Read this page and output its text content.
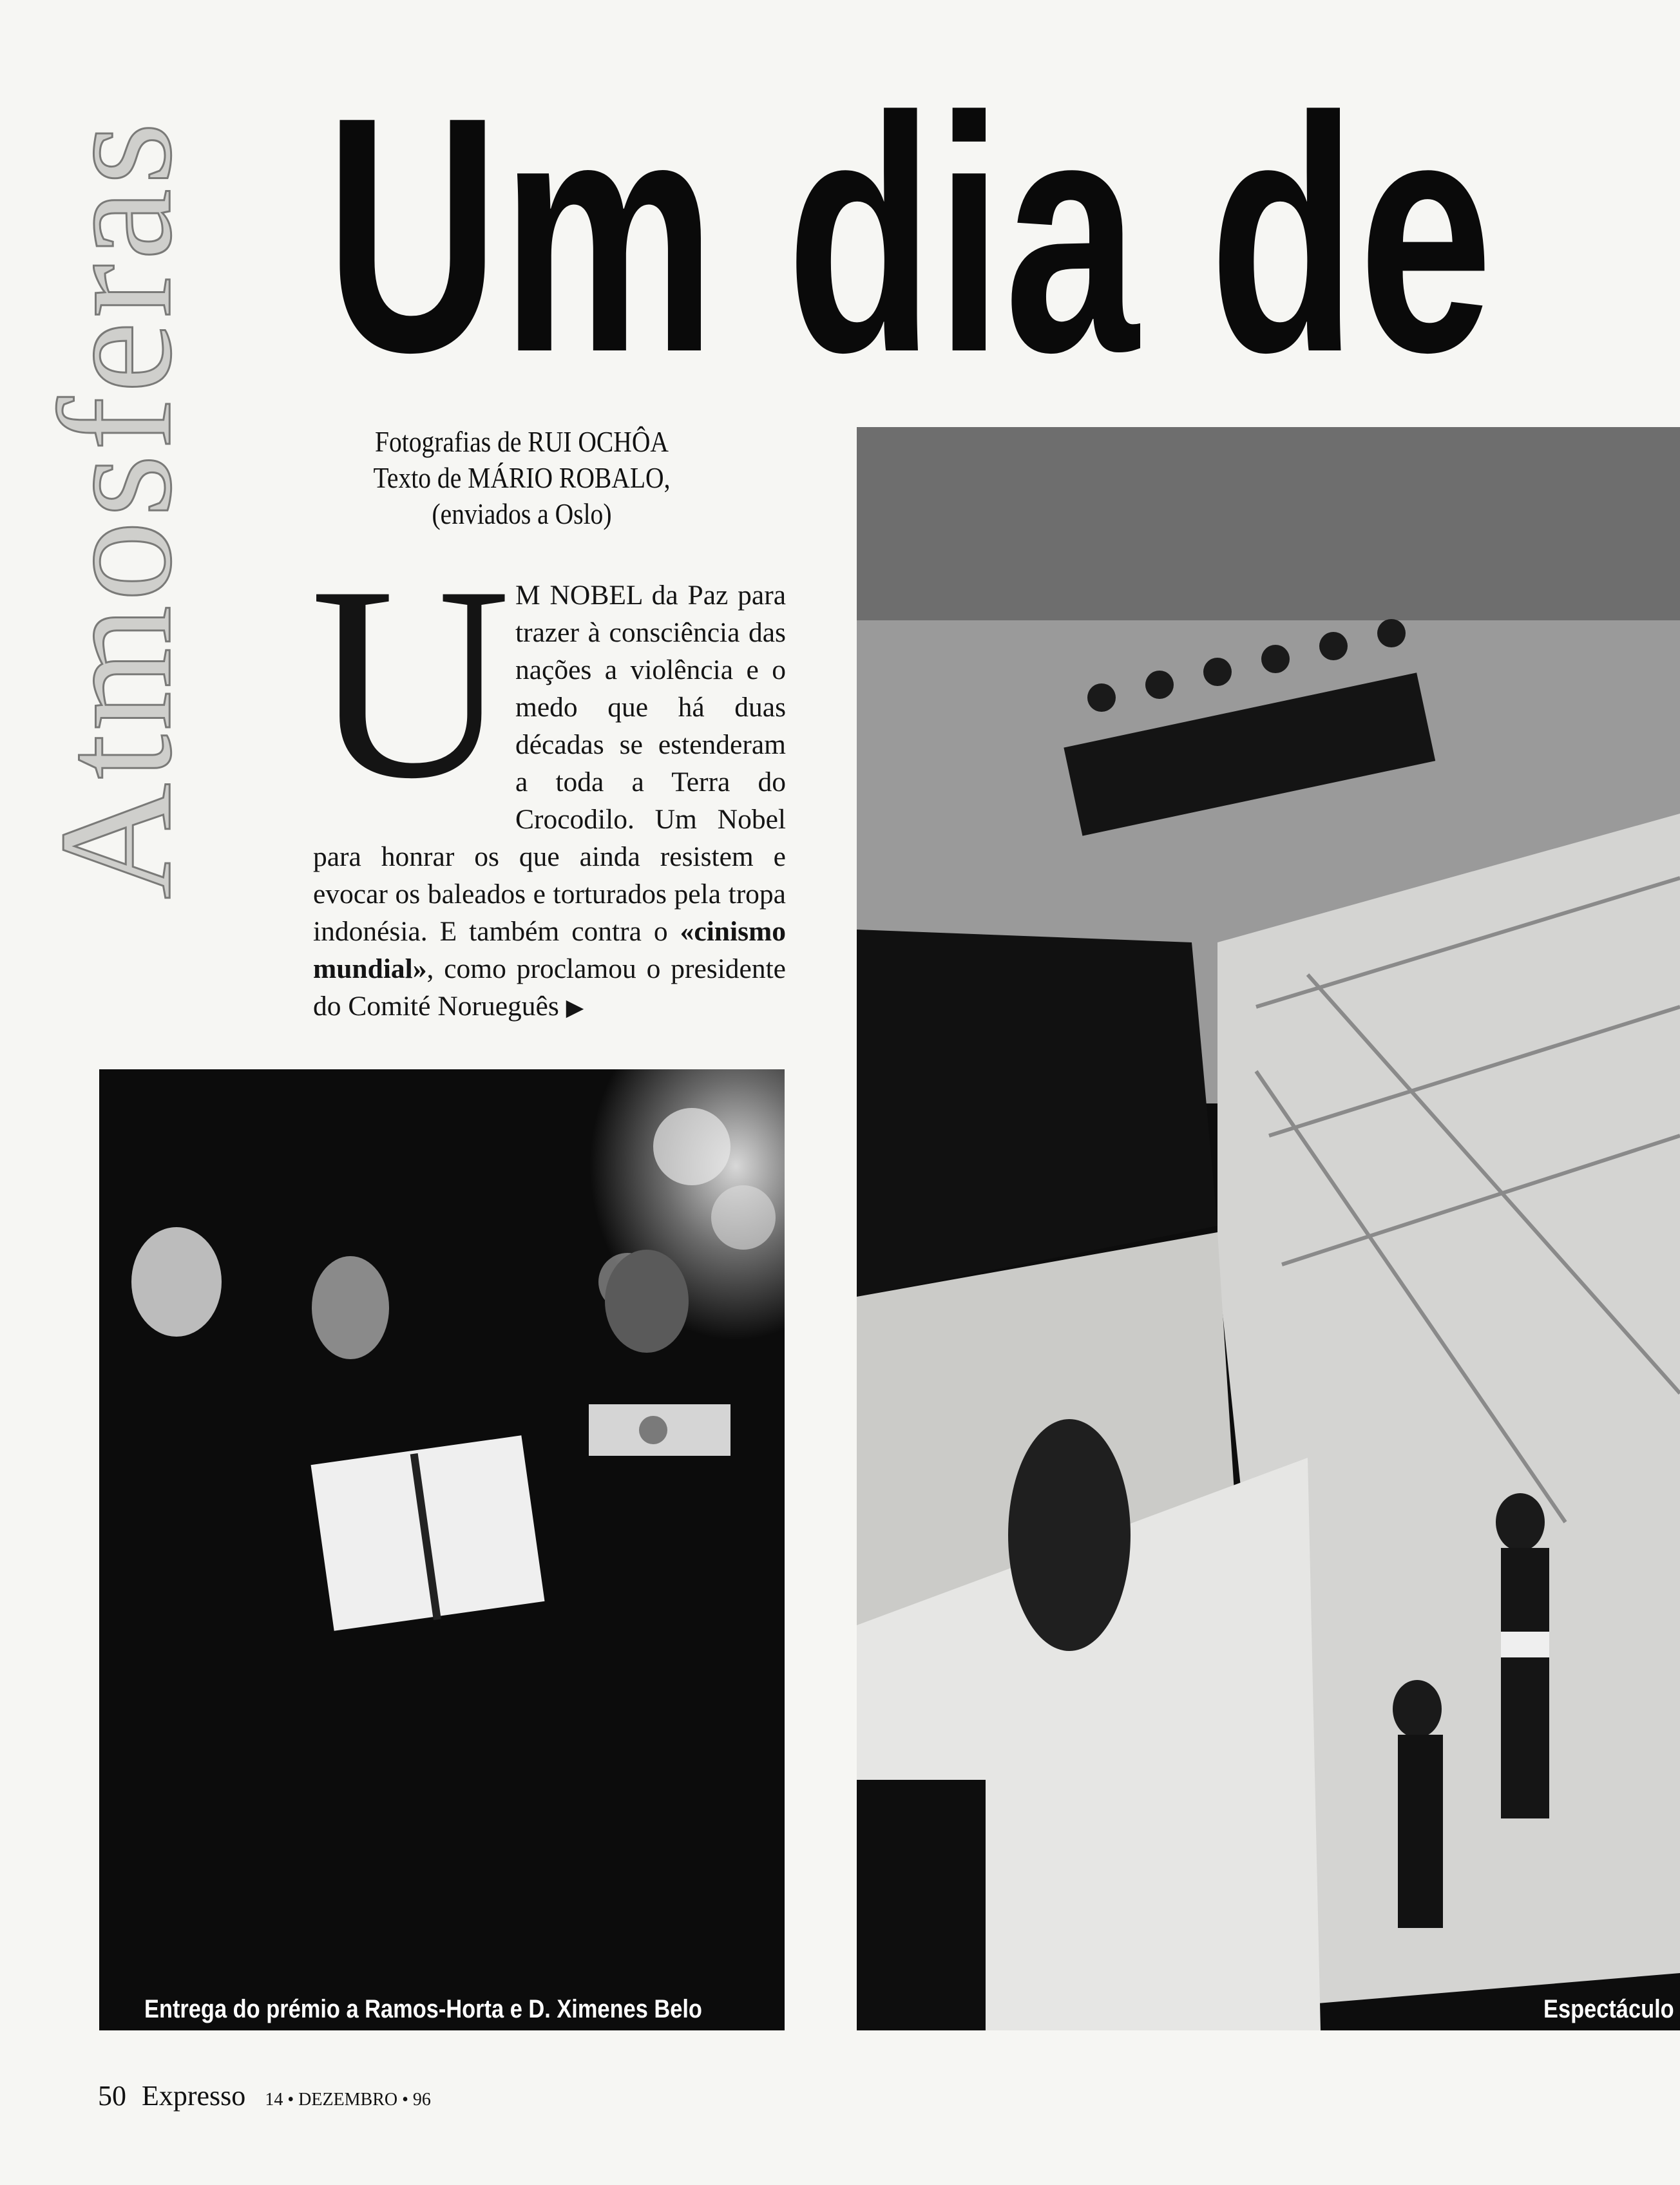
Atmosferas Um dia de
Fotografias de RUI OCHÔA
Texto de MÁRIO ROBALO,
(enviados a Oslo)
U M NOBEL da Paz para trazer à consciência das nações a violência e o medo que há duas décadas se estenderam a toda a Terra do Crocodilo. Um Nobel para honrar os que ainda resistem e evocar os baleados e torturados pela tropa indonésia. E também contra o «cinismo mundial», como proclamou o presidente do Comité Norueguês ▶
Entrega do prémio a Ramos-Horta e D. Ximenes Belo	Espectáculo
50 Expresso 14 • DEZEMBRO • 96
